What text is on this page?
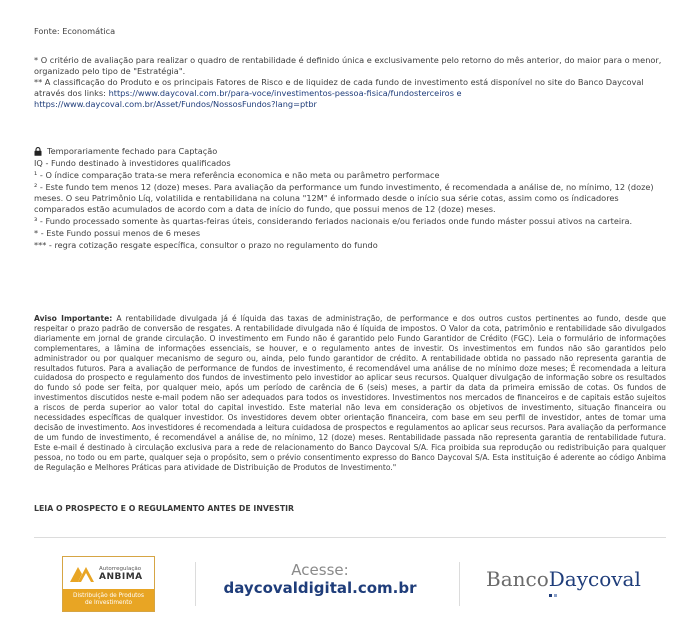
Fonte: Economática

* O critério de avaliação para realizar o quadro de rentabilidade é definido única e exclusivamente pelo retorno do mês anterior, do maior para o menor, organizado pelo tipo de "Estratégia".

** A classificação do Produto e os principais Fatores de Risco e de liquidez de cada fundo de investimento está disponível no site do Banco Daycoval através dos links: https://www.daycoval.com.br/para-voce/investimentos-pessoa-fisica/fundosterceiros e
https://www.daycoval.com.br/Asset/Fundos/NossosFundos?lang=ptbr

Temporariamente fechado para Captação

IQ - Fundo destinado à investidores qualificados

¹ - O índice comparação trata-se mera referência economica e não meta ou parâmetro performace

² - Este fundo tem menos 12 (doze) meses. Para avaliação da performance um fundo investimento, é recomendada a análise de, no mínimo, 12 (doze) meses. O seu Patrimônio Líq, volatilida e rentabilidana na coluna "12M" é informado desde o início sua série cotas, assim como os índicadores comparados estão acumulados de acordo com a data de início do fundo, que possui menos de 12 (doze) meses.

³ - Fundo processado somente às quartas-feiras úteis, considerando feriados nacionais e/ou feriados onde fundo máster possui ativos na carteira.

* - Este Fundo possui menos de 6 meses

*** - regra cotização resgate específica, consultor o prazo no regulamento do fundo

Aviso Importante: A rentabilidade divulgada já é líquida das taxas de administração, de performance e dos outros custos pertinentes ao fundo, desde que respeitar o prazo padrão de conversão de resgates. A rentabilidade divulgada não é líquida de impostos. O Valor da cota, patrimônio e rentabilidade são divulgados diariamente em jornal de grande circulação. O investimento em Fundo não é garantido pelo Fundo Garantidor de Crédito (FGC). Leia o formulário de informações complementares, a lâmina de informações essenciais, se houver, e o regulamento antes de investir. Os investimentos em fundos não são garantidos pelo administrador ou por qualquer mecanismo de seguro ou, ainda, pelo fundo garantidor de crédito. A rentabilidade obtida no passado não representa garantia de resultados futuros. Para a avaliação de performance de fundos de investimento, é recomendável uma análise de no mínimo doze meses; É recomendada a leitura cuidadosa do prospecto e regulamento dos fundos de investimento pelo investidor ao aplicar seus recursos. Qualquer divulgação de informação sobre os resultados do fundo só pode ser feita, por qualquer meio, após um período de carência de 6 (seis) meses, a partir da data da primeira emissão de cotas. Os fundos de investimentos discutidos neste e-mail podem não ser adequados para todos os investidores. Investimentos nos mercados de financeiros e de capitais estão sujeitos a riscos de perda superior ao valor total do capital investido. Este material não leva em consideração os objetivos de investimento, situação financeira ou necessidades específicas de qualquer investidor. Os investidores devem obter orientação financeira, com base em seu perfil de investidor, antes de tomar uma decisão de investimento. Aos investidores é recomendada a leitura cuidadosa de prospectos e regulamentos ao aplicar seus recursos. Para avaliação da performance de um fundo de investimento, é recomendável a análise de, no mínimo, 12 (doze) meses. Rentabilidade passada não representa garantia de rentabilidade futura. Este e-mail é destinado à circulação exclusiva para a rede de relacionamento do Banco Daycoval S/A. Fica proibida sua reprodução ou redistribuição para qualquer pessoa, no todo ou em parte, qualquer seja o propósito, sem o prévio consentimento expresso do Banco Daycoval S/A. Esta instituição é aderente ao código Anbima de Regulação e Melhores Práticas para atividade de Distribuição de Produtos de Investimento."

LEIA O PROSPECTO E O REGULAMENTO ANTES DE INVESTIR

Autorregulação
ANBIMA
Distribuição de Produtos
de Investimento
Acesse:
daycovaldigital.com.br	BancoDaycoval
